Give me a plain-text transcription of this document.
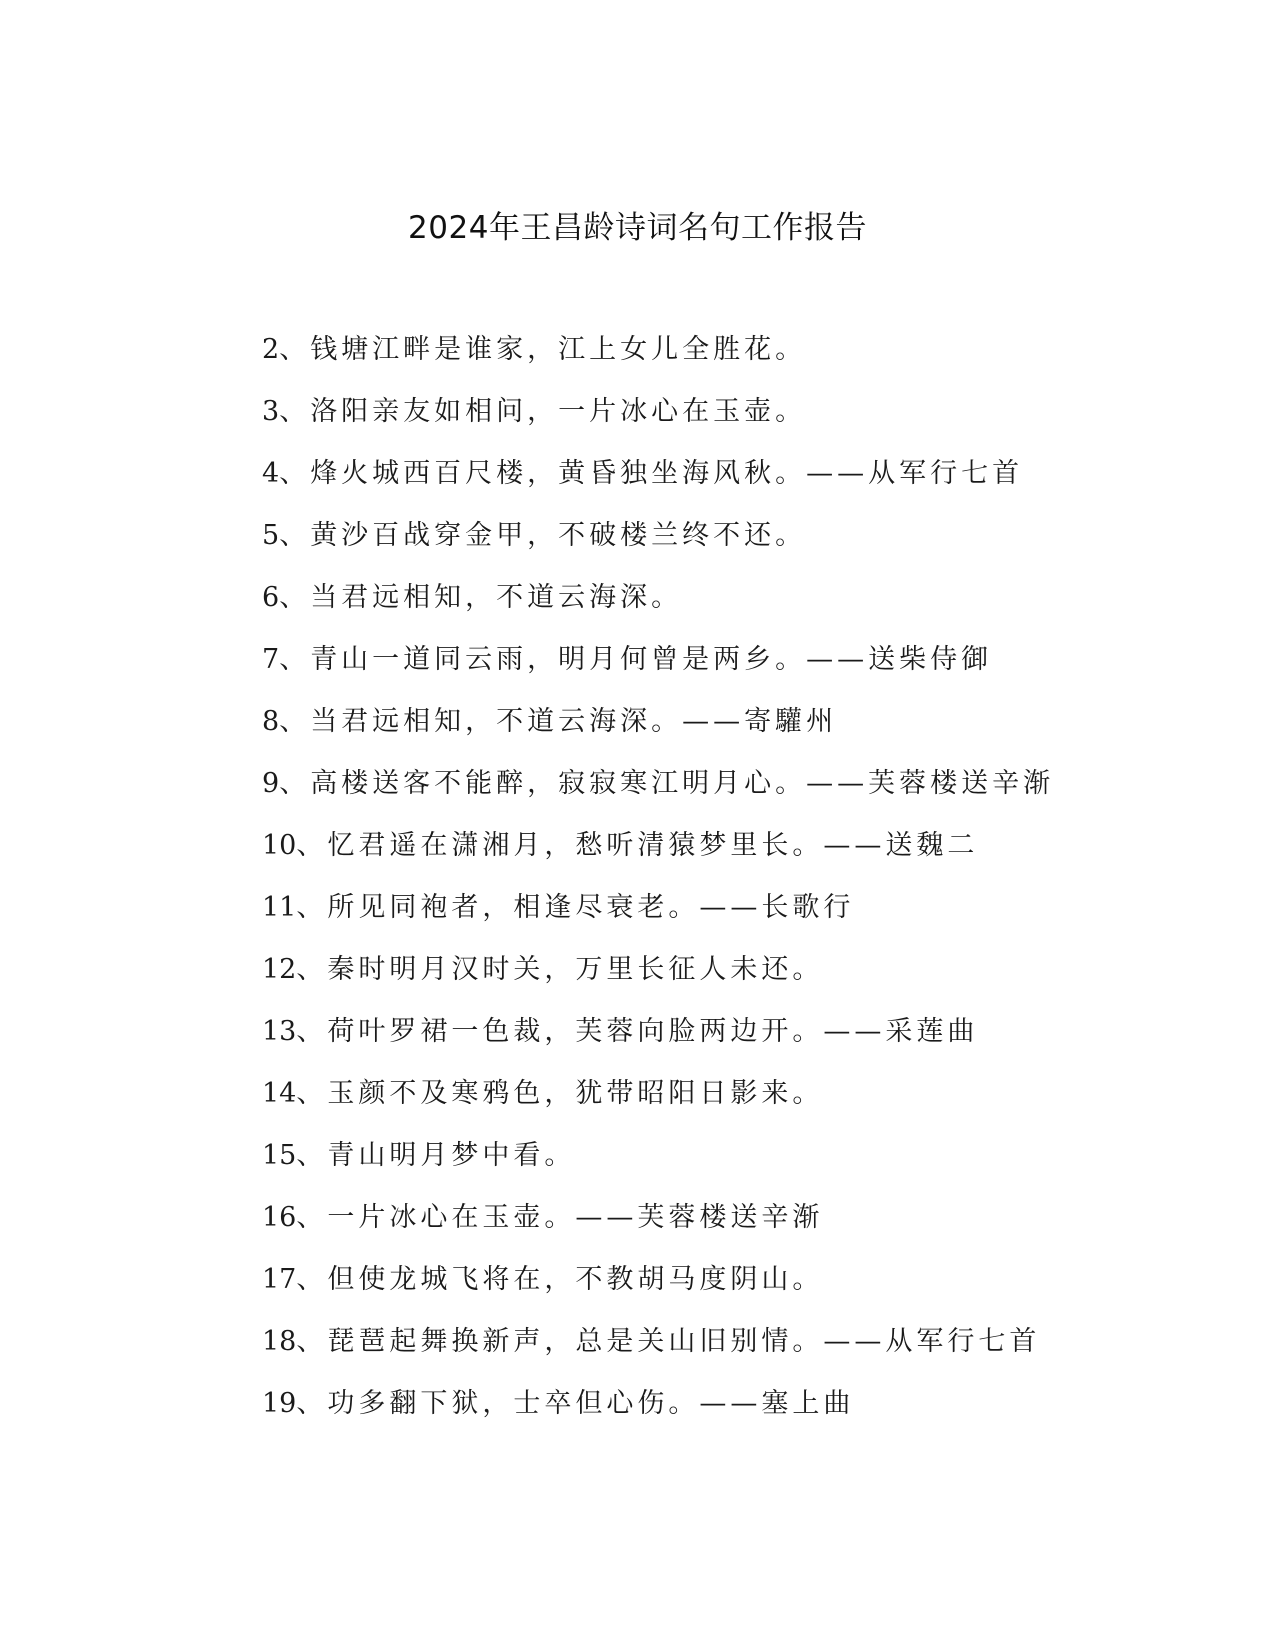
2024年王昌龄诗词名句工作报告
2、钱塘江畔是谁家，江上女儿全胜花。
3、洛阳亲友如相问，一片冰心在玉壶。
4、烽火城西百尺楼，黄昏独坐海风秋。——从军行七首
5、黄沙百战穿金甲，不破楼兰终不还。
6、当君远相知，不道云海深。
7、青山一道同云雨，明月何曾是两乡。——送柴侍御
8、当君远相知，不道云海深。——寄驩州
9、高楼送客不能醉，寂寂寒江明月心。——芙蓉楼送辛渐
10、忆君遥在潇湘月，愁听清猿梦里长。——送魏二
11、所见同袍者，相逢尽衰老。——长歌行
12、秦时明月汉时关，万里长征人未还。
13、荷叶罗裙一色裁，芙蓉向脸两边开。——采莲曲
14、玉颜不及寒鸦色，犹带昭阳日影来。
15、青山明月梦中看。
16、一片冰心在玉壶。——芙蓉楼送辛渐
17、但使龙城飞将在，不教胡马度阴山。
18、琵琶起舞换新声，总是关山旧别情。——从军行七首
19、功多翻下狱，士卒但心伤。——塞上曲
